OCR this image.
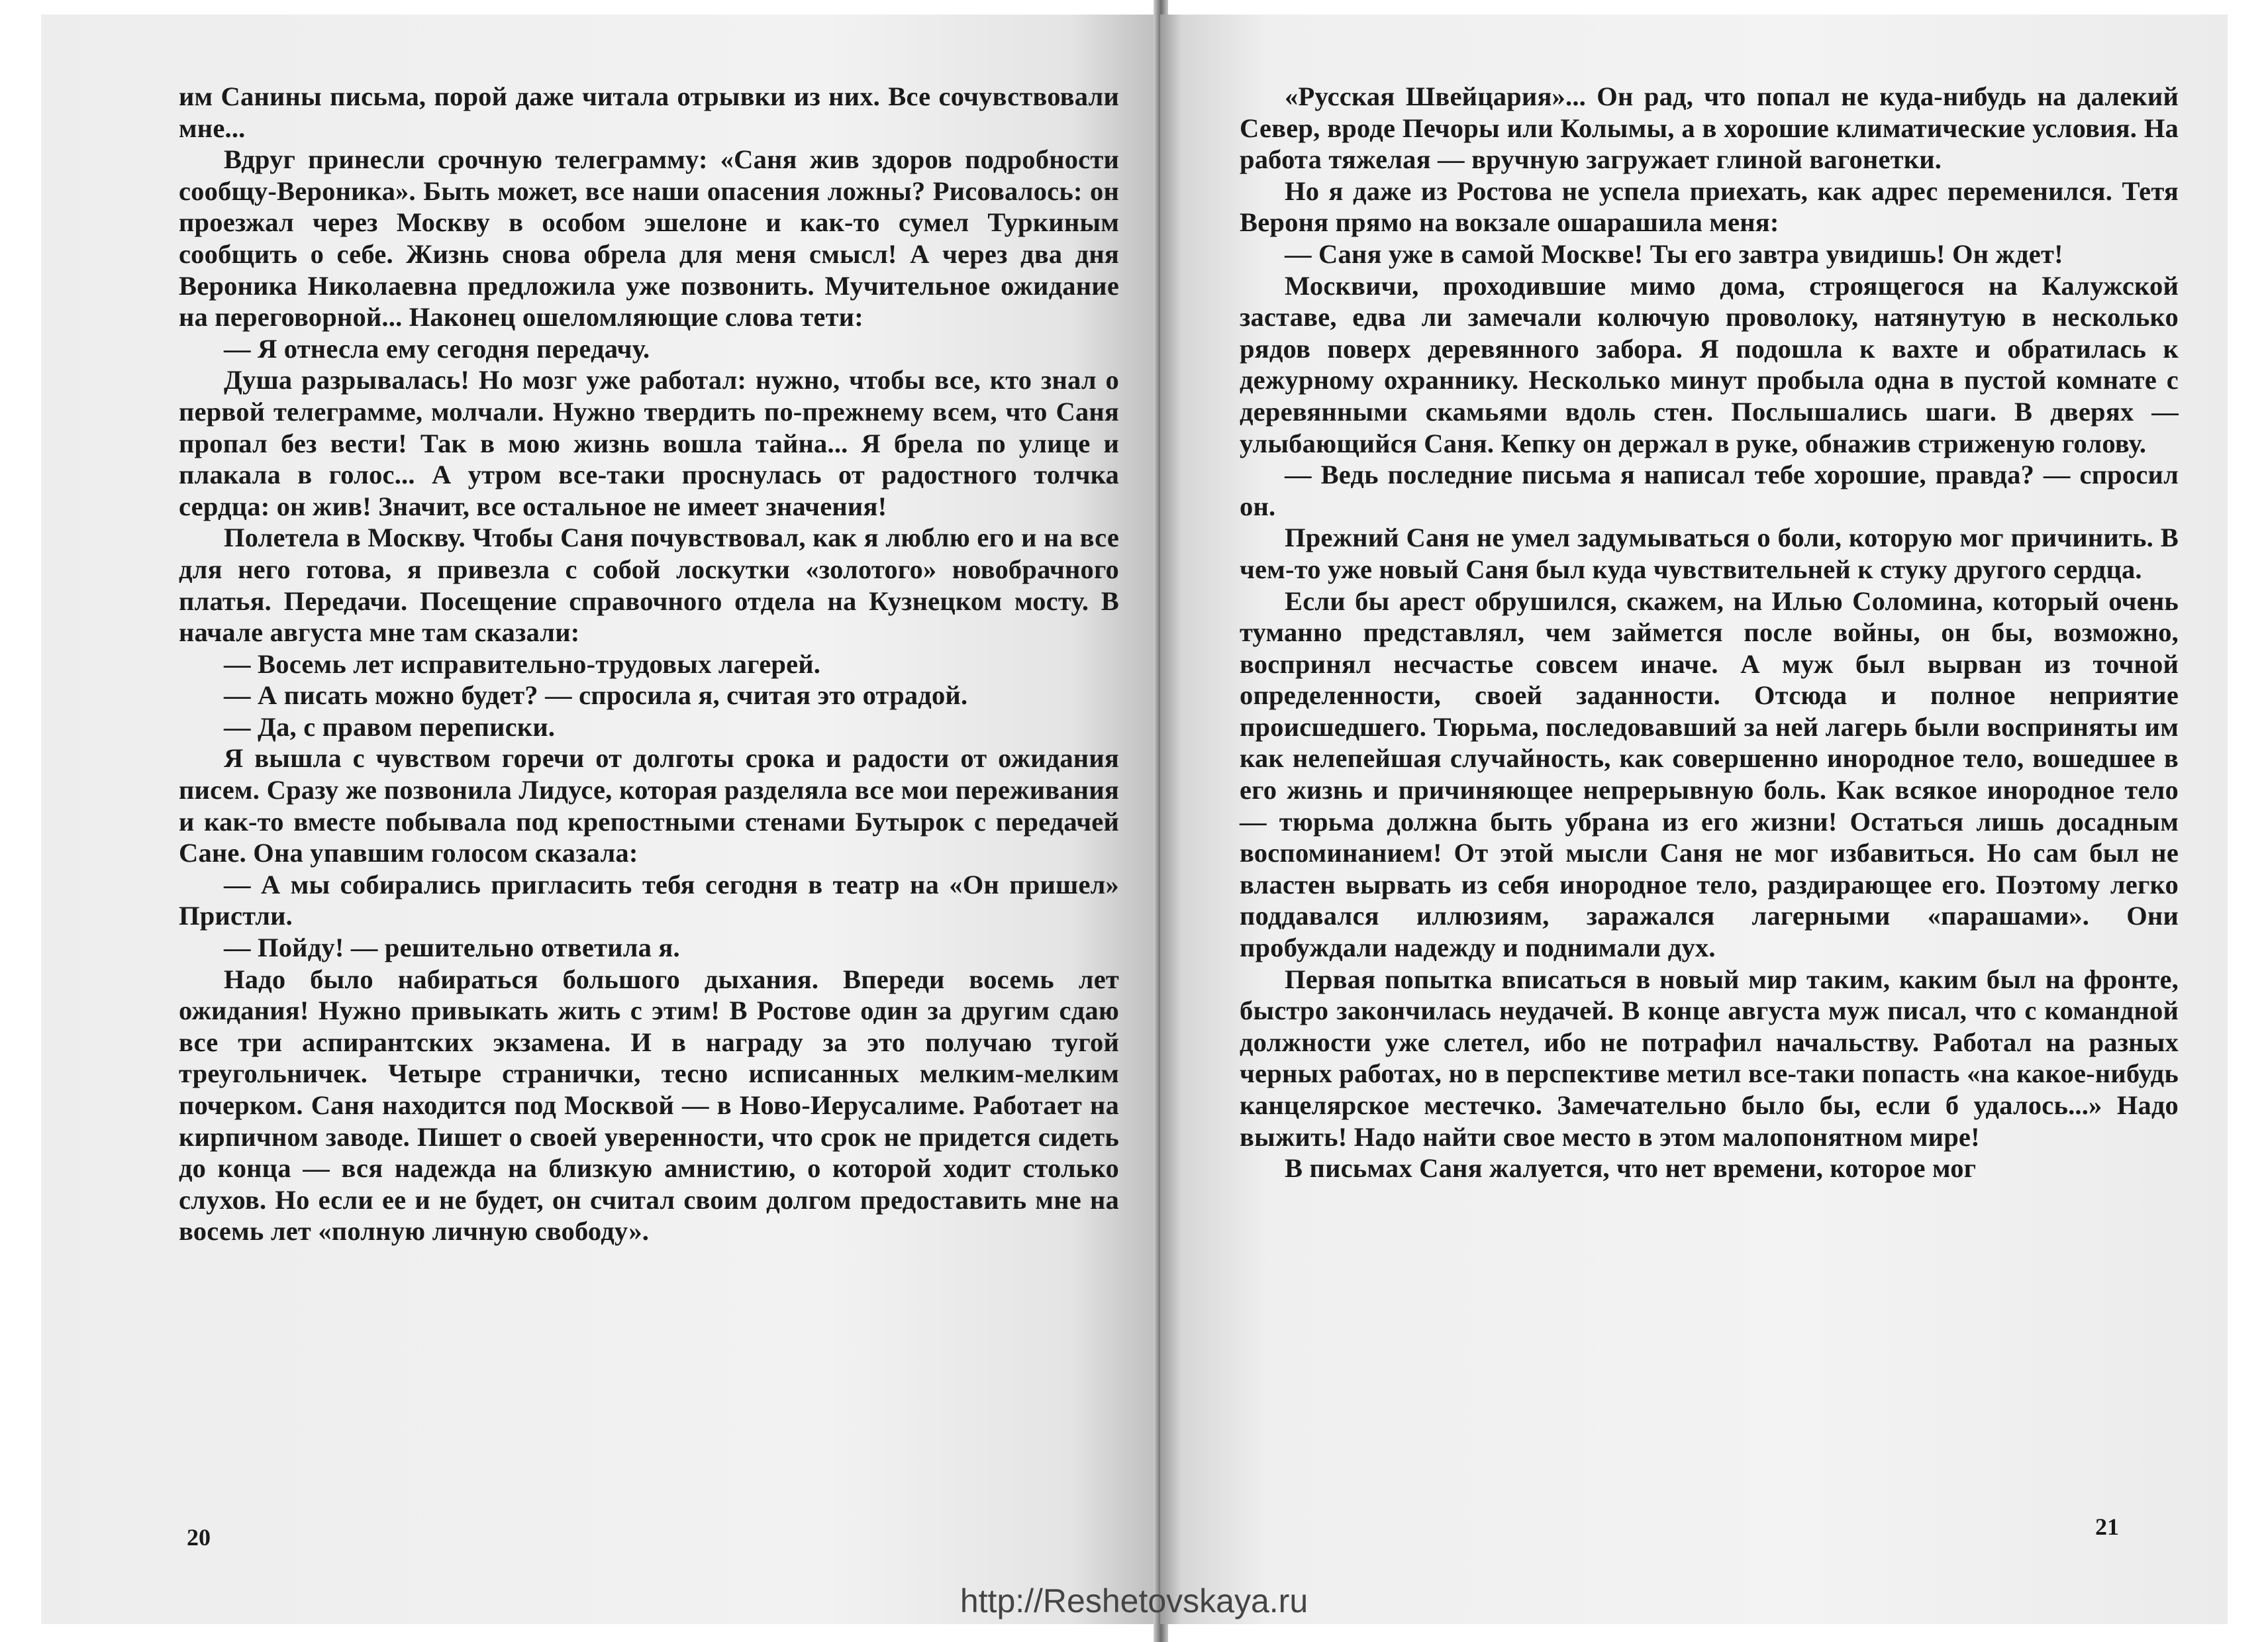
им Санины письма, порой даже читала отрывки из них. Все сочувствовали мне...

Вдруг принесли срочную телеграмму: «Саня жив здоров подробности сообщу-Вероника». Быть может, все наши опасения ложны? Рисовалось: он проезжал через Москву в особом эшелоне и как-то сумел Туркиным сообщить о себе. Жизнь снова обрела для меня смысл! А через два дня Вероника Николаевна предложила уже позвонить. Мучительное ожидание на переговорной... Наконец ошеломляющие слова тети:

— Я отнесла ему сегодня передачу.

Душа разрывалась! Но мозг уже работал: нужно, чтобы все, кто знал о первой телеграмме, молчали. Нужно твердить по-прежнему всем, что Саня пропал без вести! Так в мою жизнь вошла тайна... Я брела по улице и плакала в голос... А утром все-таки проснулась от радостного толчка сердца: он жив! Значит, все остальное не имеет значения!

Полетела в Москву. Чтобы Саня почувствовал, как я люблю его и на все для него готова, я привезла с собой лоскутки «золотого» новобрачного платья. Передачи. Посещение справочного отдела на Кузнецком мосту. В начале августа мне там сказали:

— Восемь лет исправительно-трудовых лагерей.

— А писать можно будет? — спросила я, считая это отрадой.

— Да, с правом переписки.

Я вышла с чувством горечи от долготы срока и радости от ожидания писем. Сразу же позвонила Лидусе, которая разделяла все мои переживания и как-то вместе побывала под крепостными стенами Бутырок с передачей Сане. Она упавшим голосом сказала:

— А мы собирались пригласить тебя сегодня в театр на «Он пришел» Пристли.

— Пойду! — решительно ответила я.

Надо было набираться большого дыхания. Впереди восемь лет ожидания! Нужно привыкать жить с этим! В Ростове один за другим сдаю все три аспирантских экзамена. И в награду за это получаю тугой треугольничек. Четыре странички, тесно исписанных мелким-мелким почерком. Саня находится под Москвой — в Ново-Иерусалиме. Работает на кирпичном заводе. Пишет о своей уверенности, что срок не придется сидеть до конца — вся надежда на близкую амнистию, о которой ходит столько слухов. Но если ее и не будет, он считал своим долгом предоставить мне на восемь лет «полную личную свободу».

20

«Русская Швейцария»... Он рад, что попал не куда-нибудь на далекий Север, вроде Печоры или Колымы, а в хорошие климатические условия. На работа тяжелая — вручную загружает глиной вагонетки.

Но я даже из Ростова не успела приехать, как адрес переменился. Тетя Вероня прямо на вокзале ошарашила меня:

— Саня уже в самой Москве! Ты его завтра увидишь! Он ждет!

Москвичи, проходившие мимо дома, строящегося на Калужской заставе, едва ли замечали колючую проволоку, натянутую в несколько рядов поверх деревянного забора. Я подошла к вахте и обратилась к дежурному охраннику. Несколько минут пробыла одна в пустой комнате с деревянными скамьями вдоль стен. Послышались шаги. В дверях — улыбающийся Саня. Кепку он держал в руке, обнажив стриженую голову.

— Ведь последние письма я написал тебе хорошие, правда? — спросил он.

Прежний Саня не умел задумываться о боли, которую мог причинить. В чем-то уже новый Саня был куда чувствительней к стуку другого сердца.

Если бы арест обрушился, скажем, на Илью Соломина, который очень туманно представлял, чем займется после войны, он бы, возможно, воспринял несчастье совсем иначе. А муж был вырван из точной определенности, своей заданности. Отсюда и полное неприятие происшедшего. Тюрьма, последовавший за ней лагерь были восприняты им как нелепейшая случайность, как совершенно инородное тело, вошедшее в его жизнь и причиняющее непрерывную боль. Как всякое инородное тело — тюрьма должна быть убрана из его жизни! Остаться лишь досадным воспоминанием! От этой мысли Саня не мог избавиться. Но сам был не властен вырвать из себя инородное тело, раздирающее его. Поэтому легко поддавался иллюзиям, заражался лагерными «парашами». Они пробуждали надежду и поднимали дух.

Первая попытка вписаться в новый мир таким, каким был на фронте, быстро закончилась неудачей. В конце августа муж писал, что с командной должности уже слетел, ибо не потрафил начальству. Работал на разных черных работах, но в перспективе метил все-таки попасть «на какое-нибудь канцелярское местечко. Замечательно было бы, если б удалось...» Надо выжить! Надо найти свое место в этом малопонятном мире!

В письмах Саня жалуется, что нет времени, которое мог

21
http://Reshetovskaya.ru
